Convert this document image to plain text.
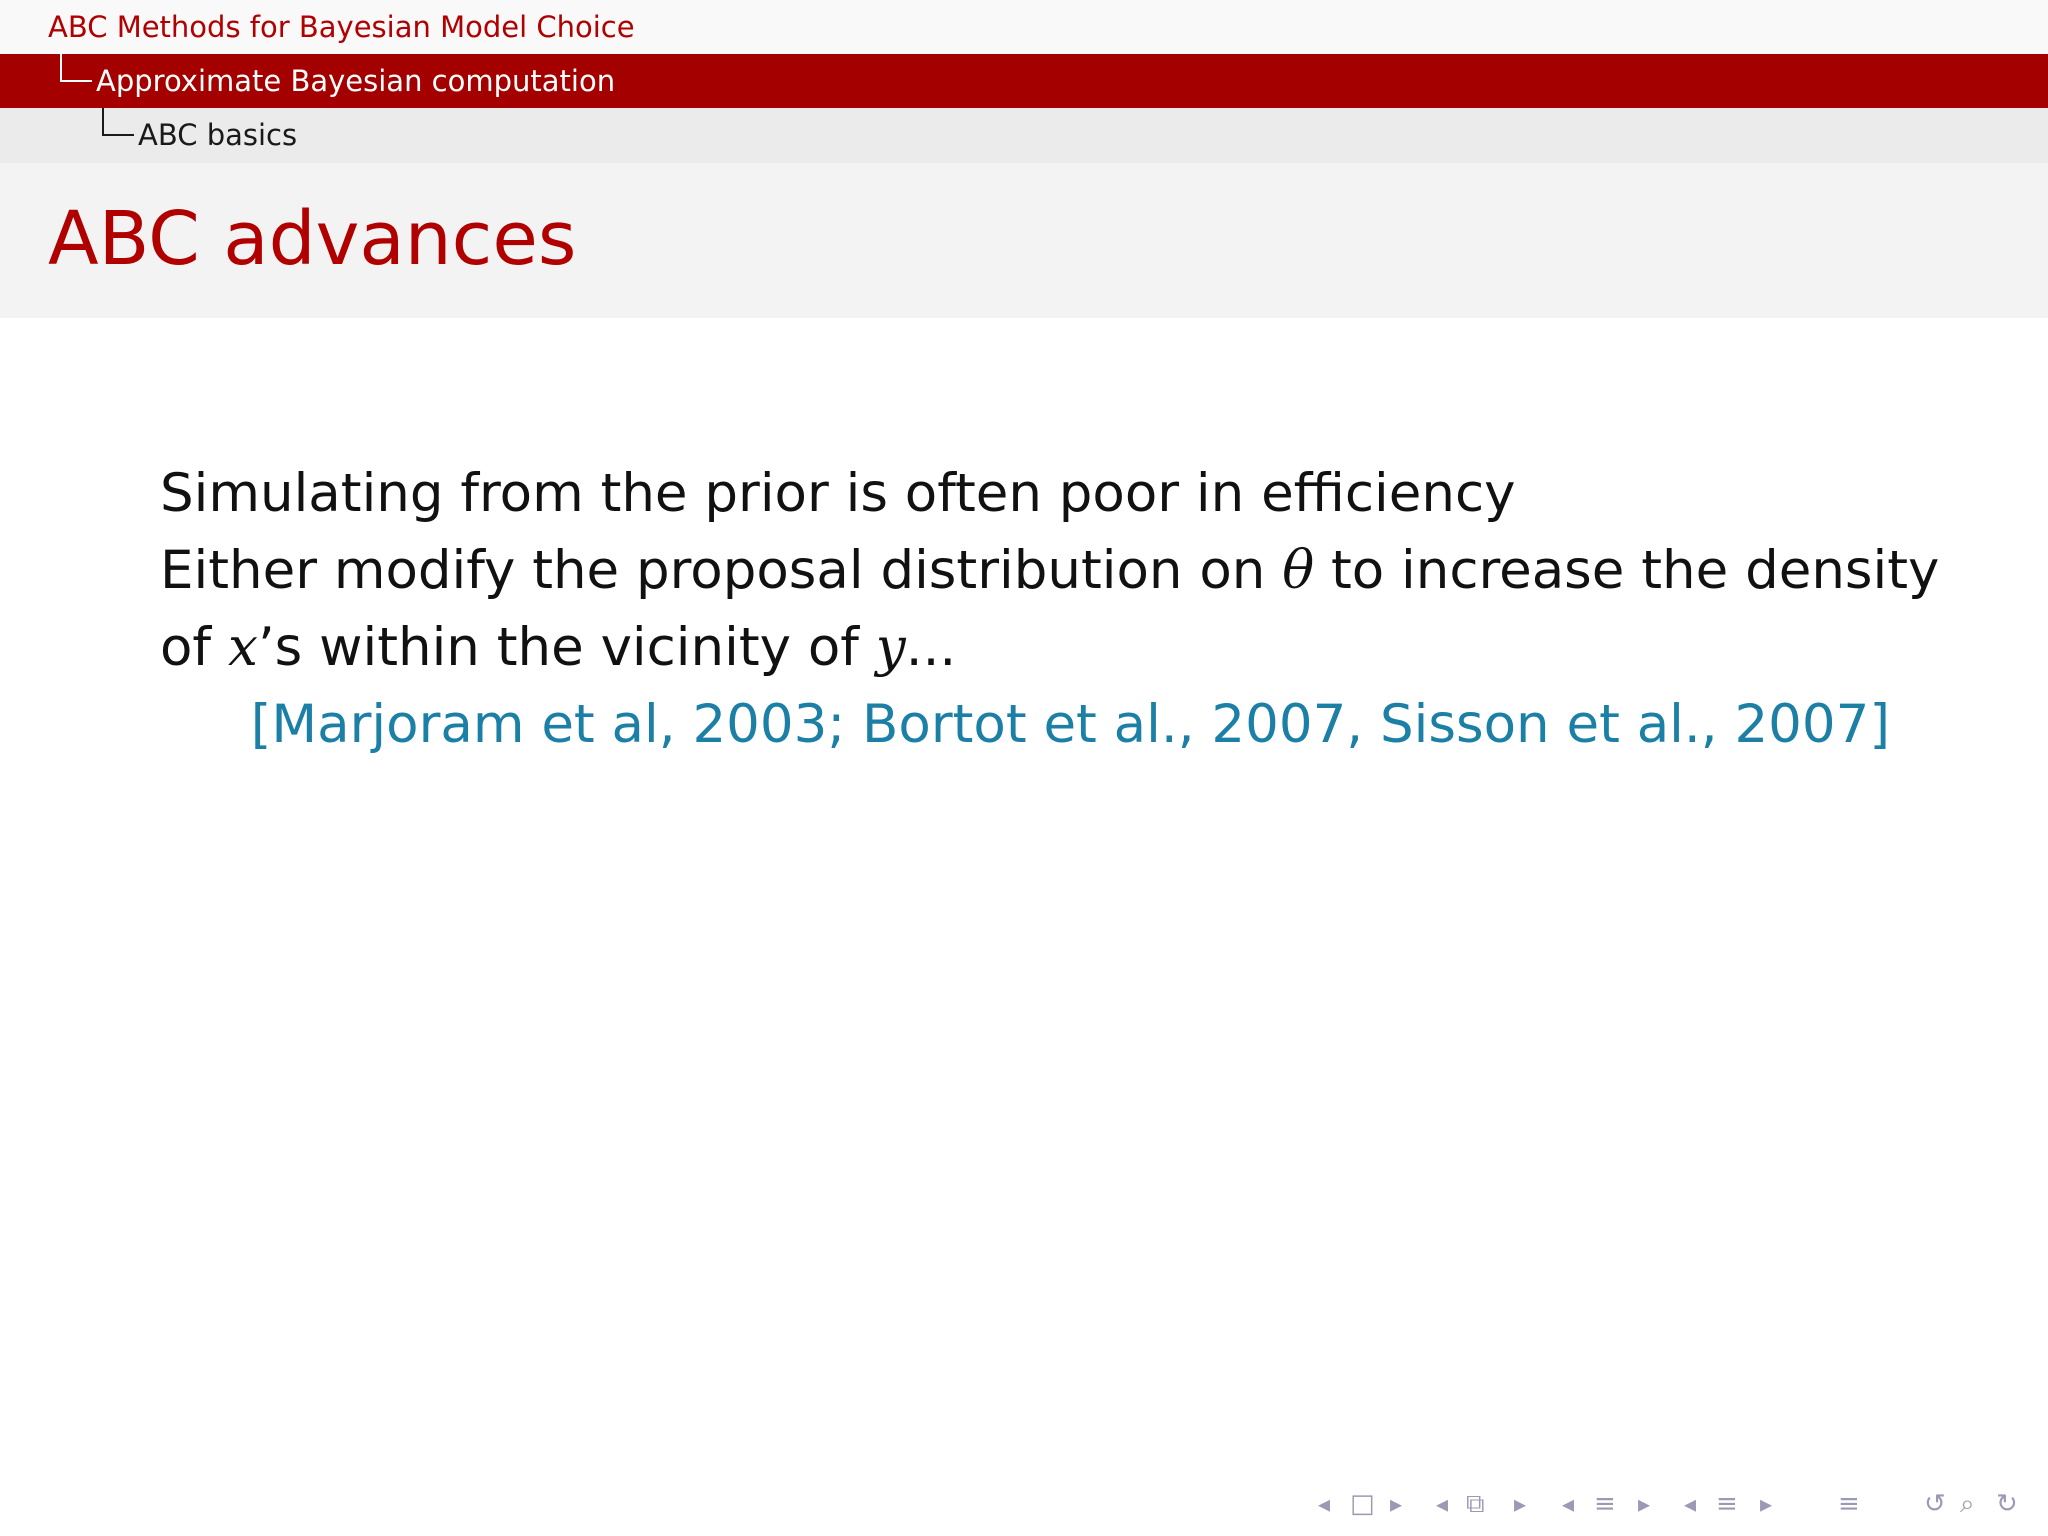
ABC Methods for Bayesian Model Choice
Approximate Bayesian computation
ABC basics
ABC advances
Simulating from the prior is often poor in efficiency
Either modify the proposal distribution on θ to increase the density
of x’s within the vicinity of y...
[Marjoram et al, 2003; Bortot et al., 2007, Sisson et al., 2007]
◂ □ ▸ ◂ ⧉ ▸ ◂ ≡ ▸ ◂ ≡ ▸	≡ ↺ ⌕ ↻
